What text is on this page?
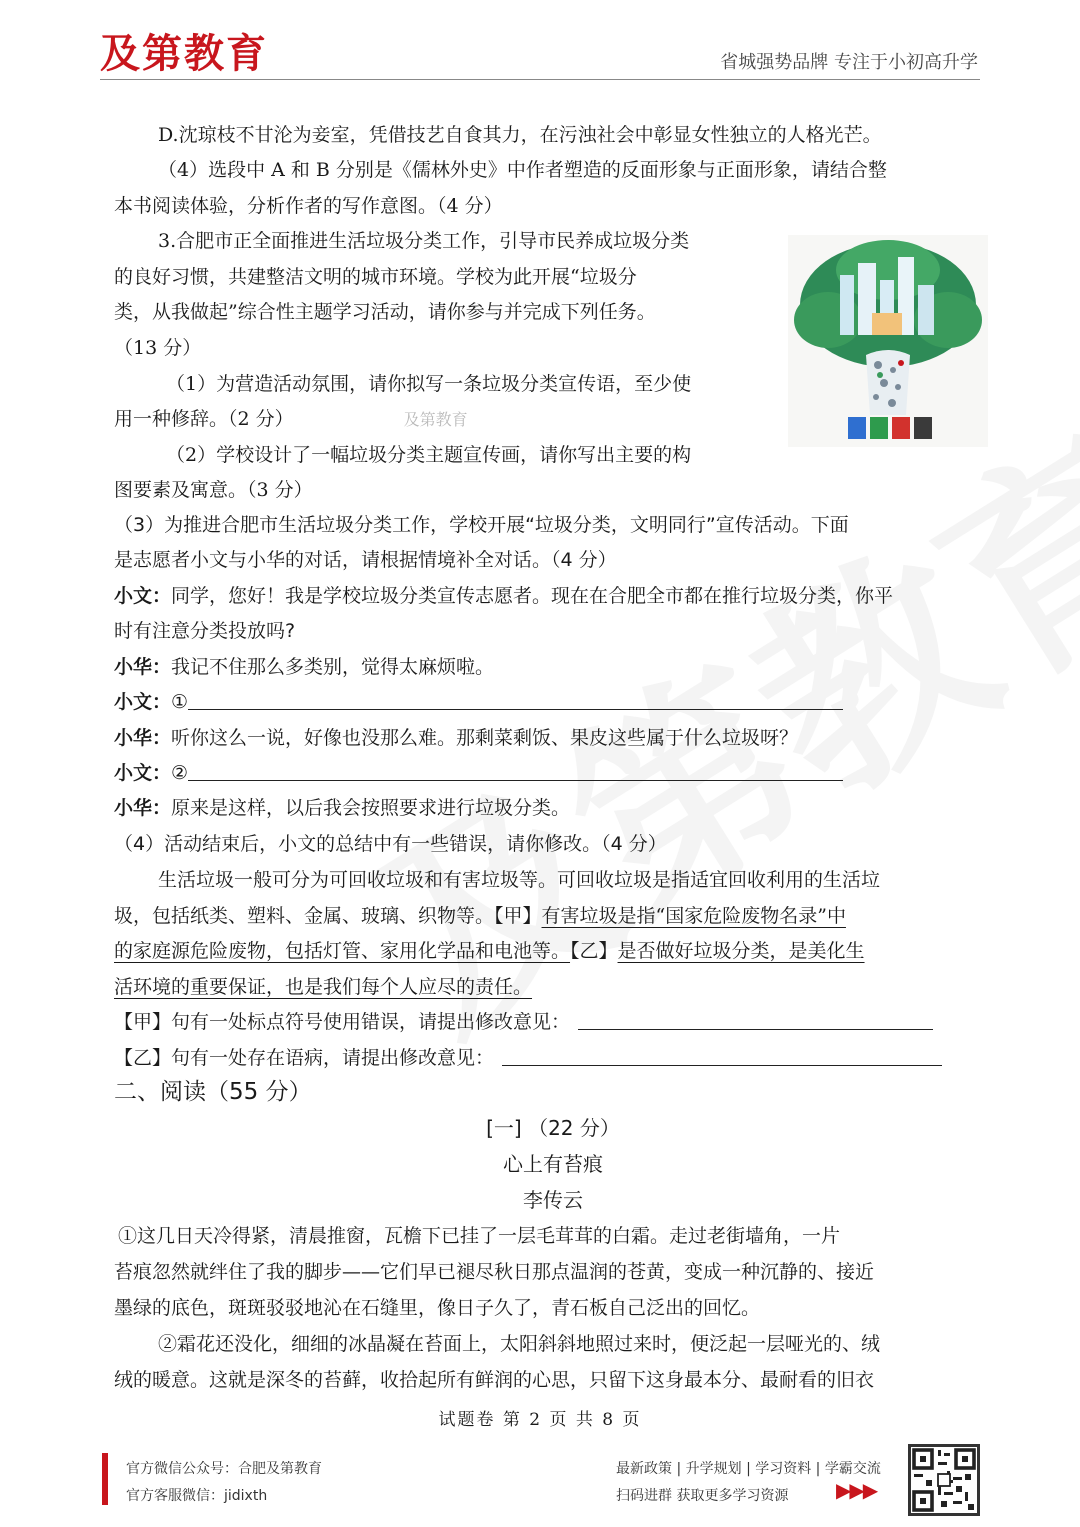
及第教育	省城强势品牌 专注于小初高升学
D.沈琼枝不甘沦为妾室，凭借技艺自食其力，在污浊社会中彰显女性独立的人格光芒。
（4）选段中 A 和 B 分别是《儒林外史》中作者塑造的反面形象与正面形象，请结合整
本书阅读体验，分析作者的写作意图。（4 分）
3.合肥市正全面推进生活垃圾分类工作，引导市民养成垃圾分类
的良好习惯，共建整洁文明的城市环境。学校为此开展“垃圾分
类，从我做起”综合性主题学习活动，请你参与并完成下列任务。
（13 分）
（1）为营造活动氛围，请你拟写一条垃圾分类宣传语，至少使
用一种修辞。（2 分）	及第教育
（2）学校设计了一幅垃圾分类主题宣传画，请你写出主要的构
图要素及寓意。（3 分）
（3）为推进合肥市生活垃圾分类工作，学校开展“垃圾分类，文明同行”宣传活动。下面
是志愿者小文与小华的对话，请根据情境补全对话。（4 分）
小文：同学，您好！我是学校垃圾分类宣传志愿者。现在在合肥全市都在推行垃圾分类，你平
时有注意分类投放吗?
小华：我记不住那么多类别，觉得太麻烦啦。
小文：①
小华：听你这么一说，好像也没那么难。那剩菜剩饭、果皮这些属于什么垃圾呀？
小文：②
小华：原来是这样，以后我会按照要求进行垃圾分类。
（4）活动结束后，小文的总结中有一些错误，请你修改。（4 分）
生活垃圾一般可分为可回收垃圾和有害垃圾等。可回收垃圾是指适宜回收利用的生活垃
圾，包括纸类、塑料、金属、玻璃、织物等。【甲】有害垃圾是指“国家危险废物名录”中
的家庭源危险废物，包括灯管、家用化学品和电池等。【乙】是否做好垃圾分类，是美化生
活环境的重要保证，也是我们每个人应尽的责任。
【甲】句有一处标点符号使用错误，请提出修改意见：
【乙】句有一处存在语病，请提出修改意见：
二、阅读（55 分）
[一] （22 分）
心上有苔痕
李传云
①这几日天冷得紧，清晨推窗，瓦檐下已挂了一层毛茸茸的白霜。走过老街墙角，一片
苔痕忽然就绊住了我的脚步——它们早已褪尽秋日那点温润的苍黄，变成一种沉静的、接近
墨绿的底色，斑斑驳驳地沁在石缝里，像日子久了，青石板自己泛出的回忆。
②霜花还没化，细细的冰晶凝在苔面上，太阳斜斜地照过来时，便泛起一层哑光的、绒
绒的暖意。这就是深冬的苔藓，收拾起所有鲜润的心思，只留下这身最本分、最耐看的旧衣
试题卷 第 2 页 共 8 页
官方微信公众号：合肥及第教育
官方客服微信：jidixth
最新政策 | 升学规划 | 学习资料 | 学霸交流
扫码进群 获取更多学习资源 ▶▶▶
